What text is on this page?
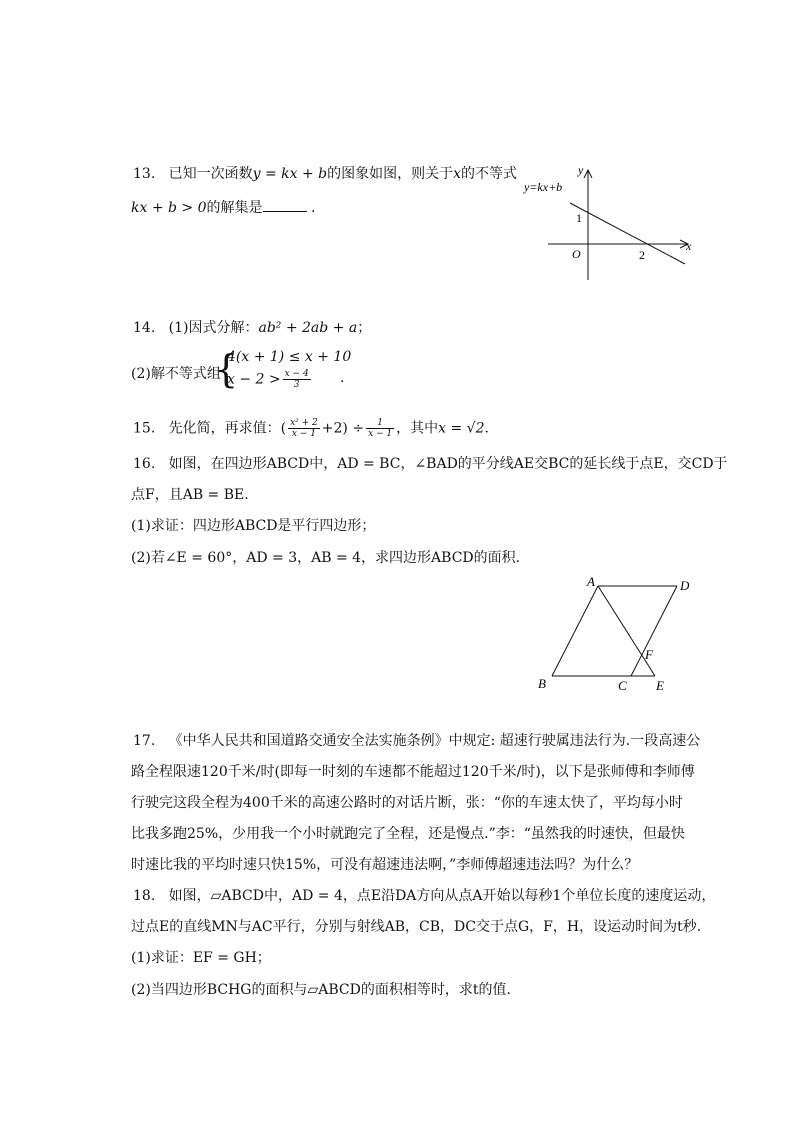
13. 已知一次函数y = kx + b的图象如图，则关于x的不等式
kx + b > 0的解集是	.
y=kx+b
y
x
O
1
2
14. (1)因式分解：ab² + 2ab + a；
(2)解不等式组
{
4(x + 1) ≤ x + 10
$x - 2 > \frac{x - 4}{3}$ .
15. 先化简，再求值：( $\frac{\text{x² + 2}}{x - 1} +2) \div \frac{1}{x - 1}$ ，其中x = √2.
16. 如图，在四边形ABCD中，AD = BC，∠BAD的平分线AE交BC的延长线于点E，交CD于
点F，且AB = BE.
(1)求证：四边形ABCD是平行四边形；
(2)若∠E = 60°，AD = 3，AB = 4，求四边形ABCD的面积.
A	D
B	C E
F
17. 《中华人民共和国道路交通安全法实施条例》中规定: 超速行驶属违法行为.一段高速公
路全程限速120千米/时(即每一时刻的车速都不能超过120千米/时)，以下是张师傅和李师傅
行驶完这段全程为400千米的高速公路时的对话片断，张：“你的车速太快了，平均每小时
比我多跑25%，少用我一个小时就跑完了全程，还是慢点.”李：“虽然我的时速快，但最快
时速比我的平均时速只快15%，可没有超速违法啊，”李师傅超速违法吗？为什么？
18. 如图，▱ABCD中，AD = 4，点E沿DA方向从点A开始以每秒1个单位长度的速度运动，
过点E的直线MN与AC平行，分别与射线AB，CB，DC交于点G，F，H，设运动时间为t秒.
(1)求证：EF = GH；
(2)当四边形BCHG的面积与▱ABCD的面积相等时，求t的值.
